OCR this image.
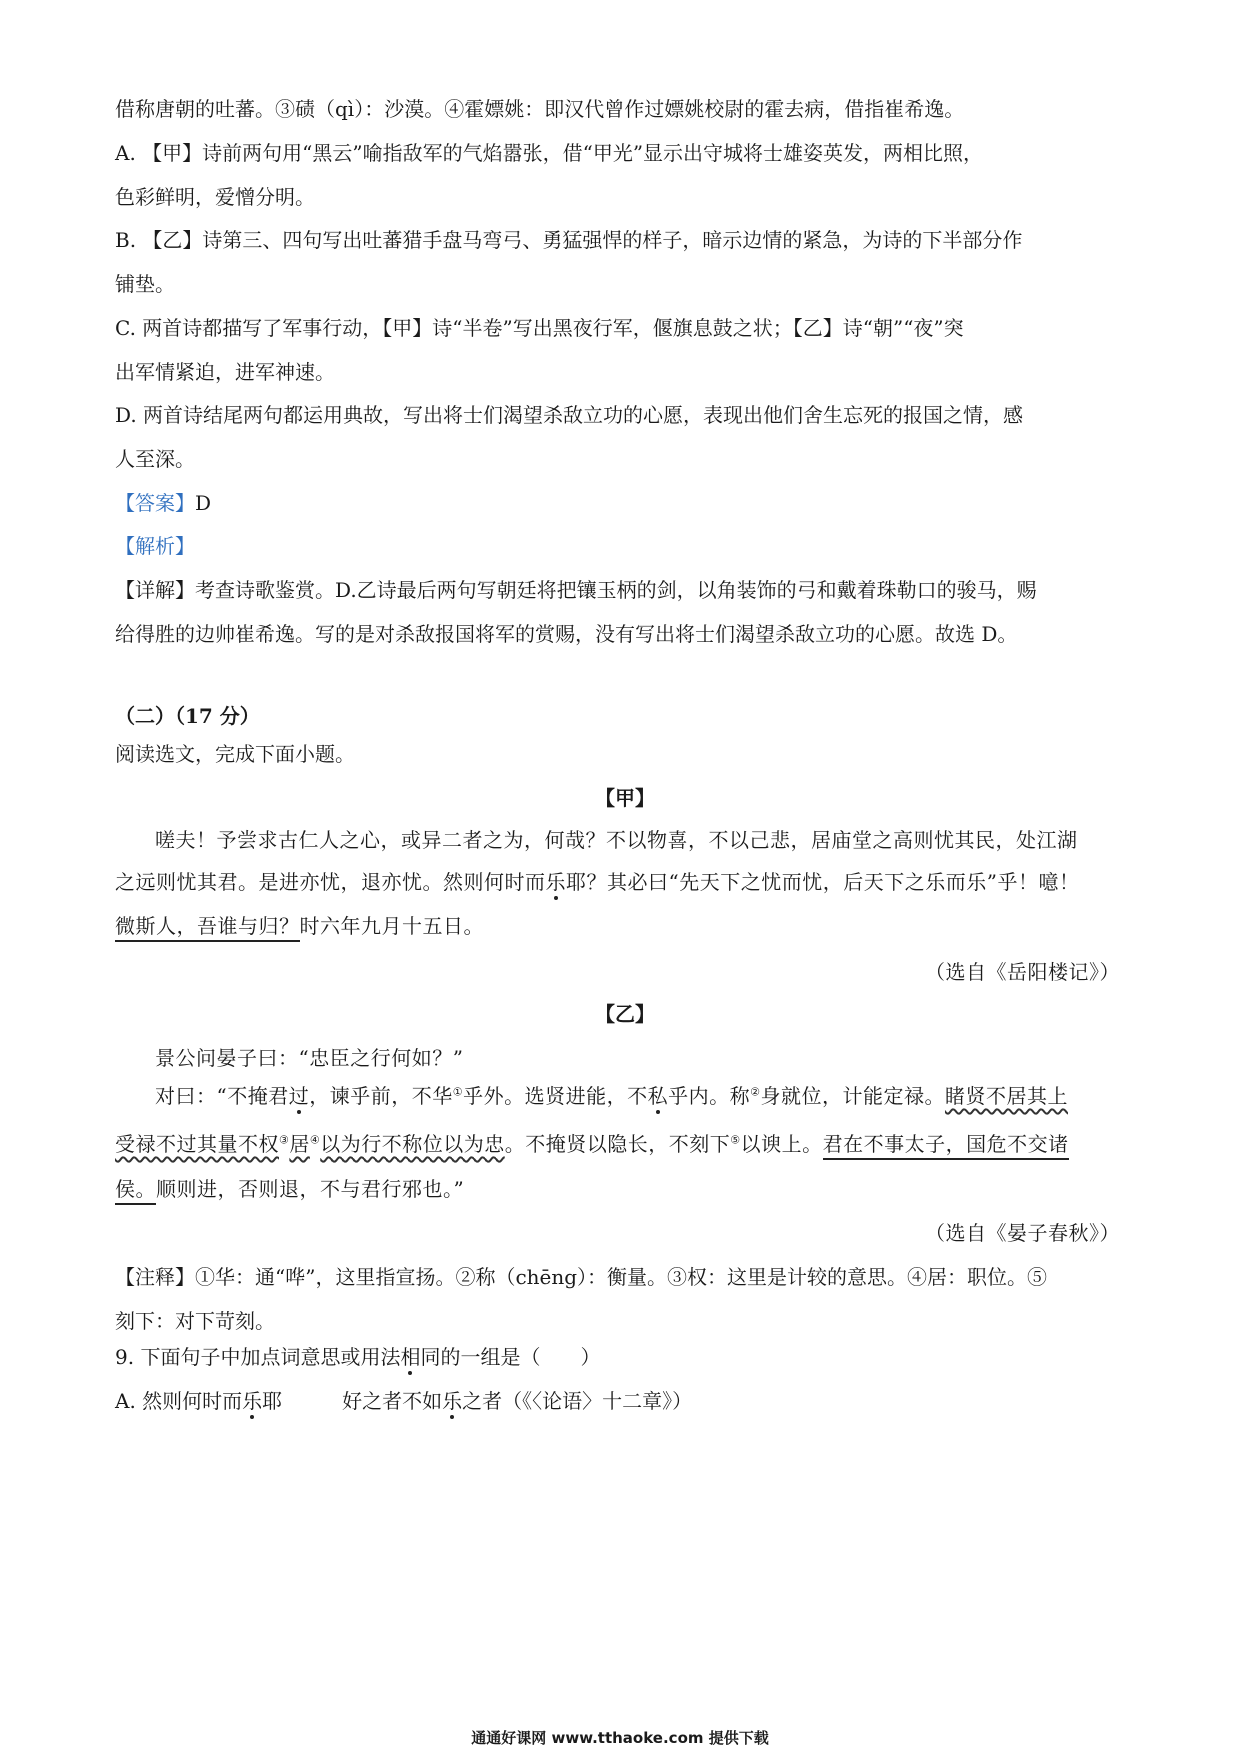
借称唐朝的吐蕃。③碛（qì）：沙漠。④霍嫖姚：即汉代曾作过嫖姚校尉的霍去病，借指崔希逸。
A. 【甲】诗前两句用“黑云”喻指敌军的气焰嚣张，借“甲光”显示出守城将士雄姿英发，两相比照，
色彩鲜明，爱憎分明。
B. 【乙】诗第三、四句写出吐蕃猎手盘马弯弓、勇猛强悍的样子，暗示边情的紧急，为诗的下半部分作
铺垫。
C. 两首诗都描写了军事行动，【甲】诗“半卷”写出黑夜行军，偃旗息鼓之状；【乙】诗“朝”“夜”突
出军情紧迫，进军神速。
D. 两首诗结尾两句都运用典故，写出将士们渴望杀敌立功的心愿，表现出他们舍生忘死的报国之情，感
人至深。
【答案】D
【解析】
【详解】考查诗歌鉴赏。D.乙诗最后两句写朝廷将把镶玉柄的剑，以角装饰的弓和戴着珠勒口的骏马，赐
给得胜的边帅崔希逸。写的是对杀敌报国将军的赏赐，没有写出将士们渴望杀敌立功的心愿。故选 D。
（二）（17 分）
阅读选文，完成下面小题。
【甲】
嗟夫！予尝求古仁人之心，或异二者之为，何哉？不以物喜，不以己悲，居庙堂之高则忧其民，处江湖
之远则忧其君。是进亦忧，退亦忧。然则何时而乐耶？其必曰“先天下之忧而忧，后天下之乐而乐”乎！噫！
微斯人，吾谁与归？时六年九月十五日。
（选自《岳阳楼记》）
【乙】
景公问晏子曰：“忠臣之行何如？”
对曰：“不掩君过，谏乎前，不华①乎外。选贤进能，不私乎内。称②身就位，计能定禄。睹贤不居其上
受禄不过其量不权③居④以为行不称位以为忠。不掩贤以隐长，不刻下⑤以谀上。君在不事太子，国危不交诸
侯。顺则进，否则退，不与君行邪也。”
（选自《晏子春秋》）
【注释】①华：通“哗”，这里指宣扬。②称（chēng）：衡量。③权：这里是计较的意思。④居：职位。⑤
刻下：对下苛刻。
9. 下面句子中加点词意思或用法相同的一组是（　　）
A. 然则何时而乐耶　　　好之者不如乐之者（《〈论语〉十二章》）
通通好课网 www.tthaoke.com 提供下载
